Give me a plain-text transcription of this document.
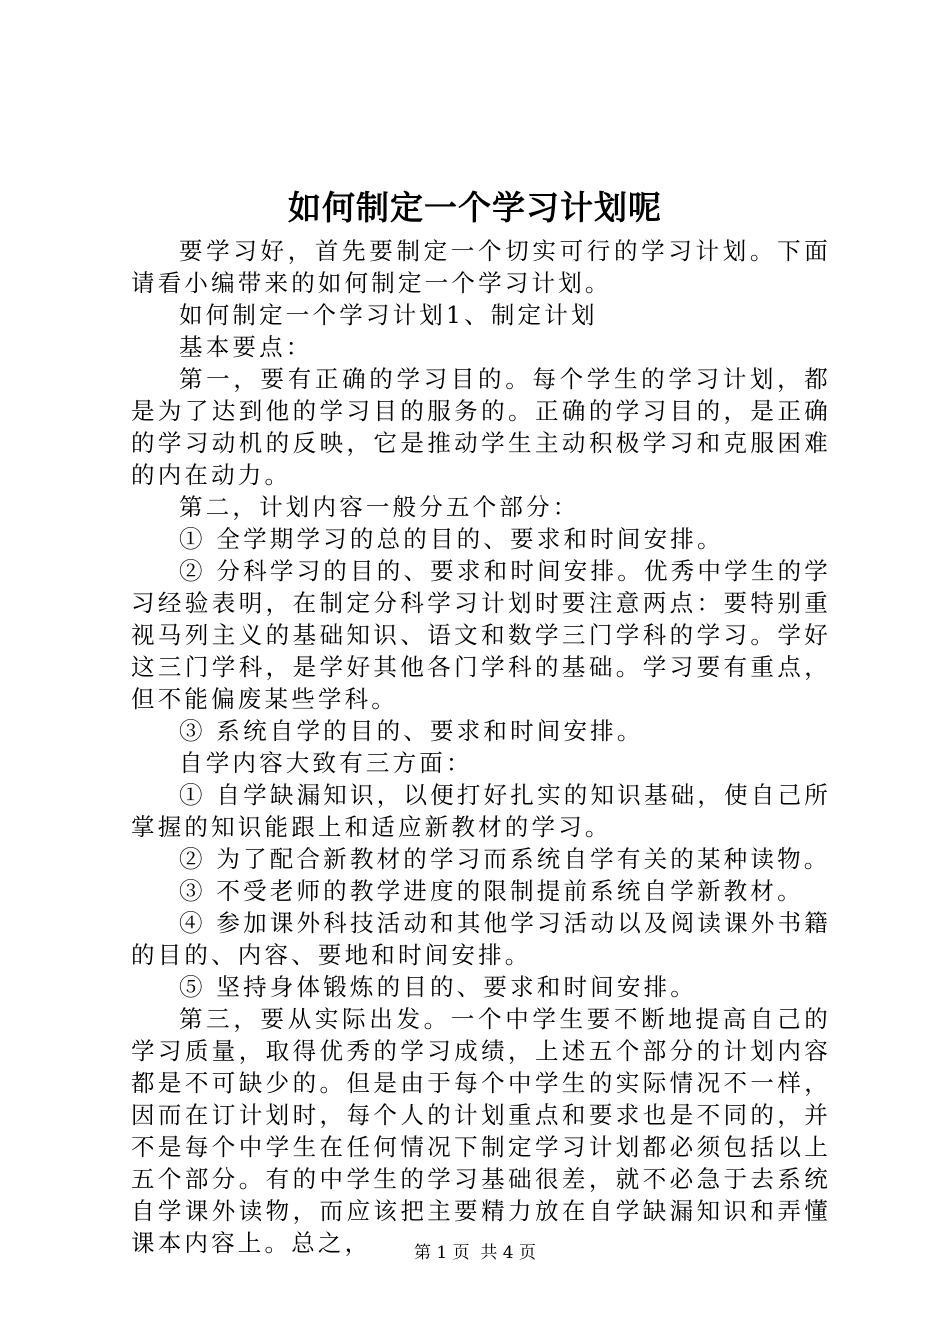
如何制定一个学习计划呢

要学习好，首先要制定一个切实可行的学习计划。下面请看小编带来的如何制定一个学习计划。

如何制定一个学习计划1、制定计划

基本要点：

第一，要有正确的学习目的。每个学生的学习计划，都是为了达到他的学习目的服务的。正确的学习目的，是正确的学习动机的反映，它是推动学生主动积极学习和克服困难的内在动力。

第二，计划内容一般分五个部分：

① 全学期学习的总的目的、要求和时间安排。

② 分科学习的目的、要求和时间安排。优秀中学生的学习经验表明，在制定分科学习计划时要注意两点：要特别重视马列主义的基础知识、语文和数学三门学科的学习。学好这三门学科，是学好其他各门学科的基础。学习要有重点，但不能偏废某些学科。

③ 系统自学的目的、要求和时间安排。

自学内容大致有三方面：

① 自学缺漏知识，以便打好扎实的知识基础，使自己所掌握的知识能跟上和适应新教材的学习。

② 为了配合新教材的学习而系统自学有关的某种读物。

③ 不受老师的教学进度的限制提前系统自学新教材。

④ 参加课外科技活动和其他学习活动以及阅读课外书籍的目的、内容、要地和时间安排。

⑤ 坚持身体锻炼的目的、要求和时间安排。

第三，要从实际出发。一个中学生要不断地提高自己的学习质量，取得优秀的学习成绩，上述五个部分的计划内容都是不可缺少的。但是由于每个中学生的实际情况不一样，因而在订计划时，每个人的计划重点和要求也是不同的，并不是每个中学生在任何情况下制定学习计划都必须包括以上五个部分。有的中学生的学习基础很差，就不必急于去系统自学课外读物，而应该把主要精力放在自学缺漏知识和弄懂课本内容上。总之，	第 1 页  共 4 页
